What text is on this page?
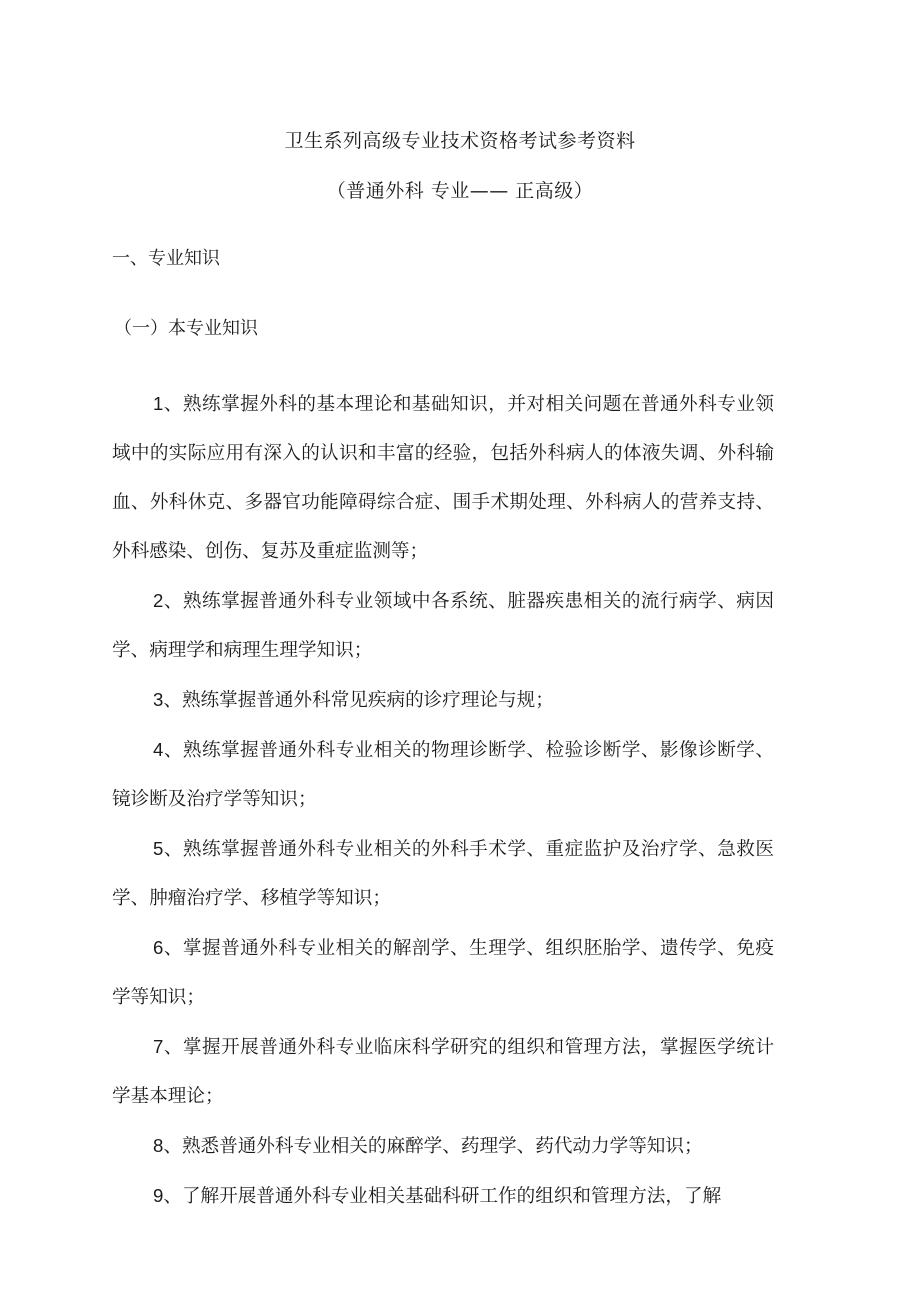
卫生系列高级专业技术资格考试参考资料
（普通外科 专业—— 正高级）
一、专业知识
（一）本专业知识

1、熟练掌握外科的基本理论和基础知识，并对相关问题在普通外科专业领域中的实际应用有深入的认识和丰富的经验，包括外科病人的体液失调、外科输血、外科休克、多器官功能障碍综合症、围手术期处理、外科病人的营养支持、外科感染、创伤、复苏及重症监测等；

2、熟练掌握普通外科专业领域中各系统、脏器疾患相关的流行病学、病因学、病理学和病理生理学知识；

3、熟练掌握普通外科常见疾病的诊疗理论与规；

4、熟练掌握普通外科专业相关的物理诊断学、检验诊断学、影像诊断学、镜诊断及治疗学等知识；

5、熟练掌握普通外科专业相关的外科手术学、重症监护及治疗学、急救医学、肿瘤治疗学、移植学等知识；

6、掌握普通外科专业相关的解剖学、生理学、组织胚胎学、遗传学、免疫学等知识；

7、掌握开展普通外科专业临床科学研究的组织和管理方法，掌握医学统计学基本理论；

8、熟悉普通外科专业相关的麻醉学、药理学、药代动力学等知识；

9、了解开展普通外科专业相关基础科研工作的组织和管理方法，了解
